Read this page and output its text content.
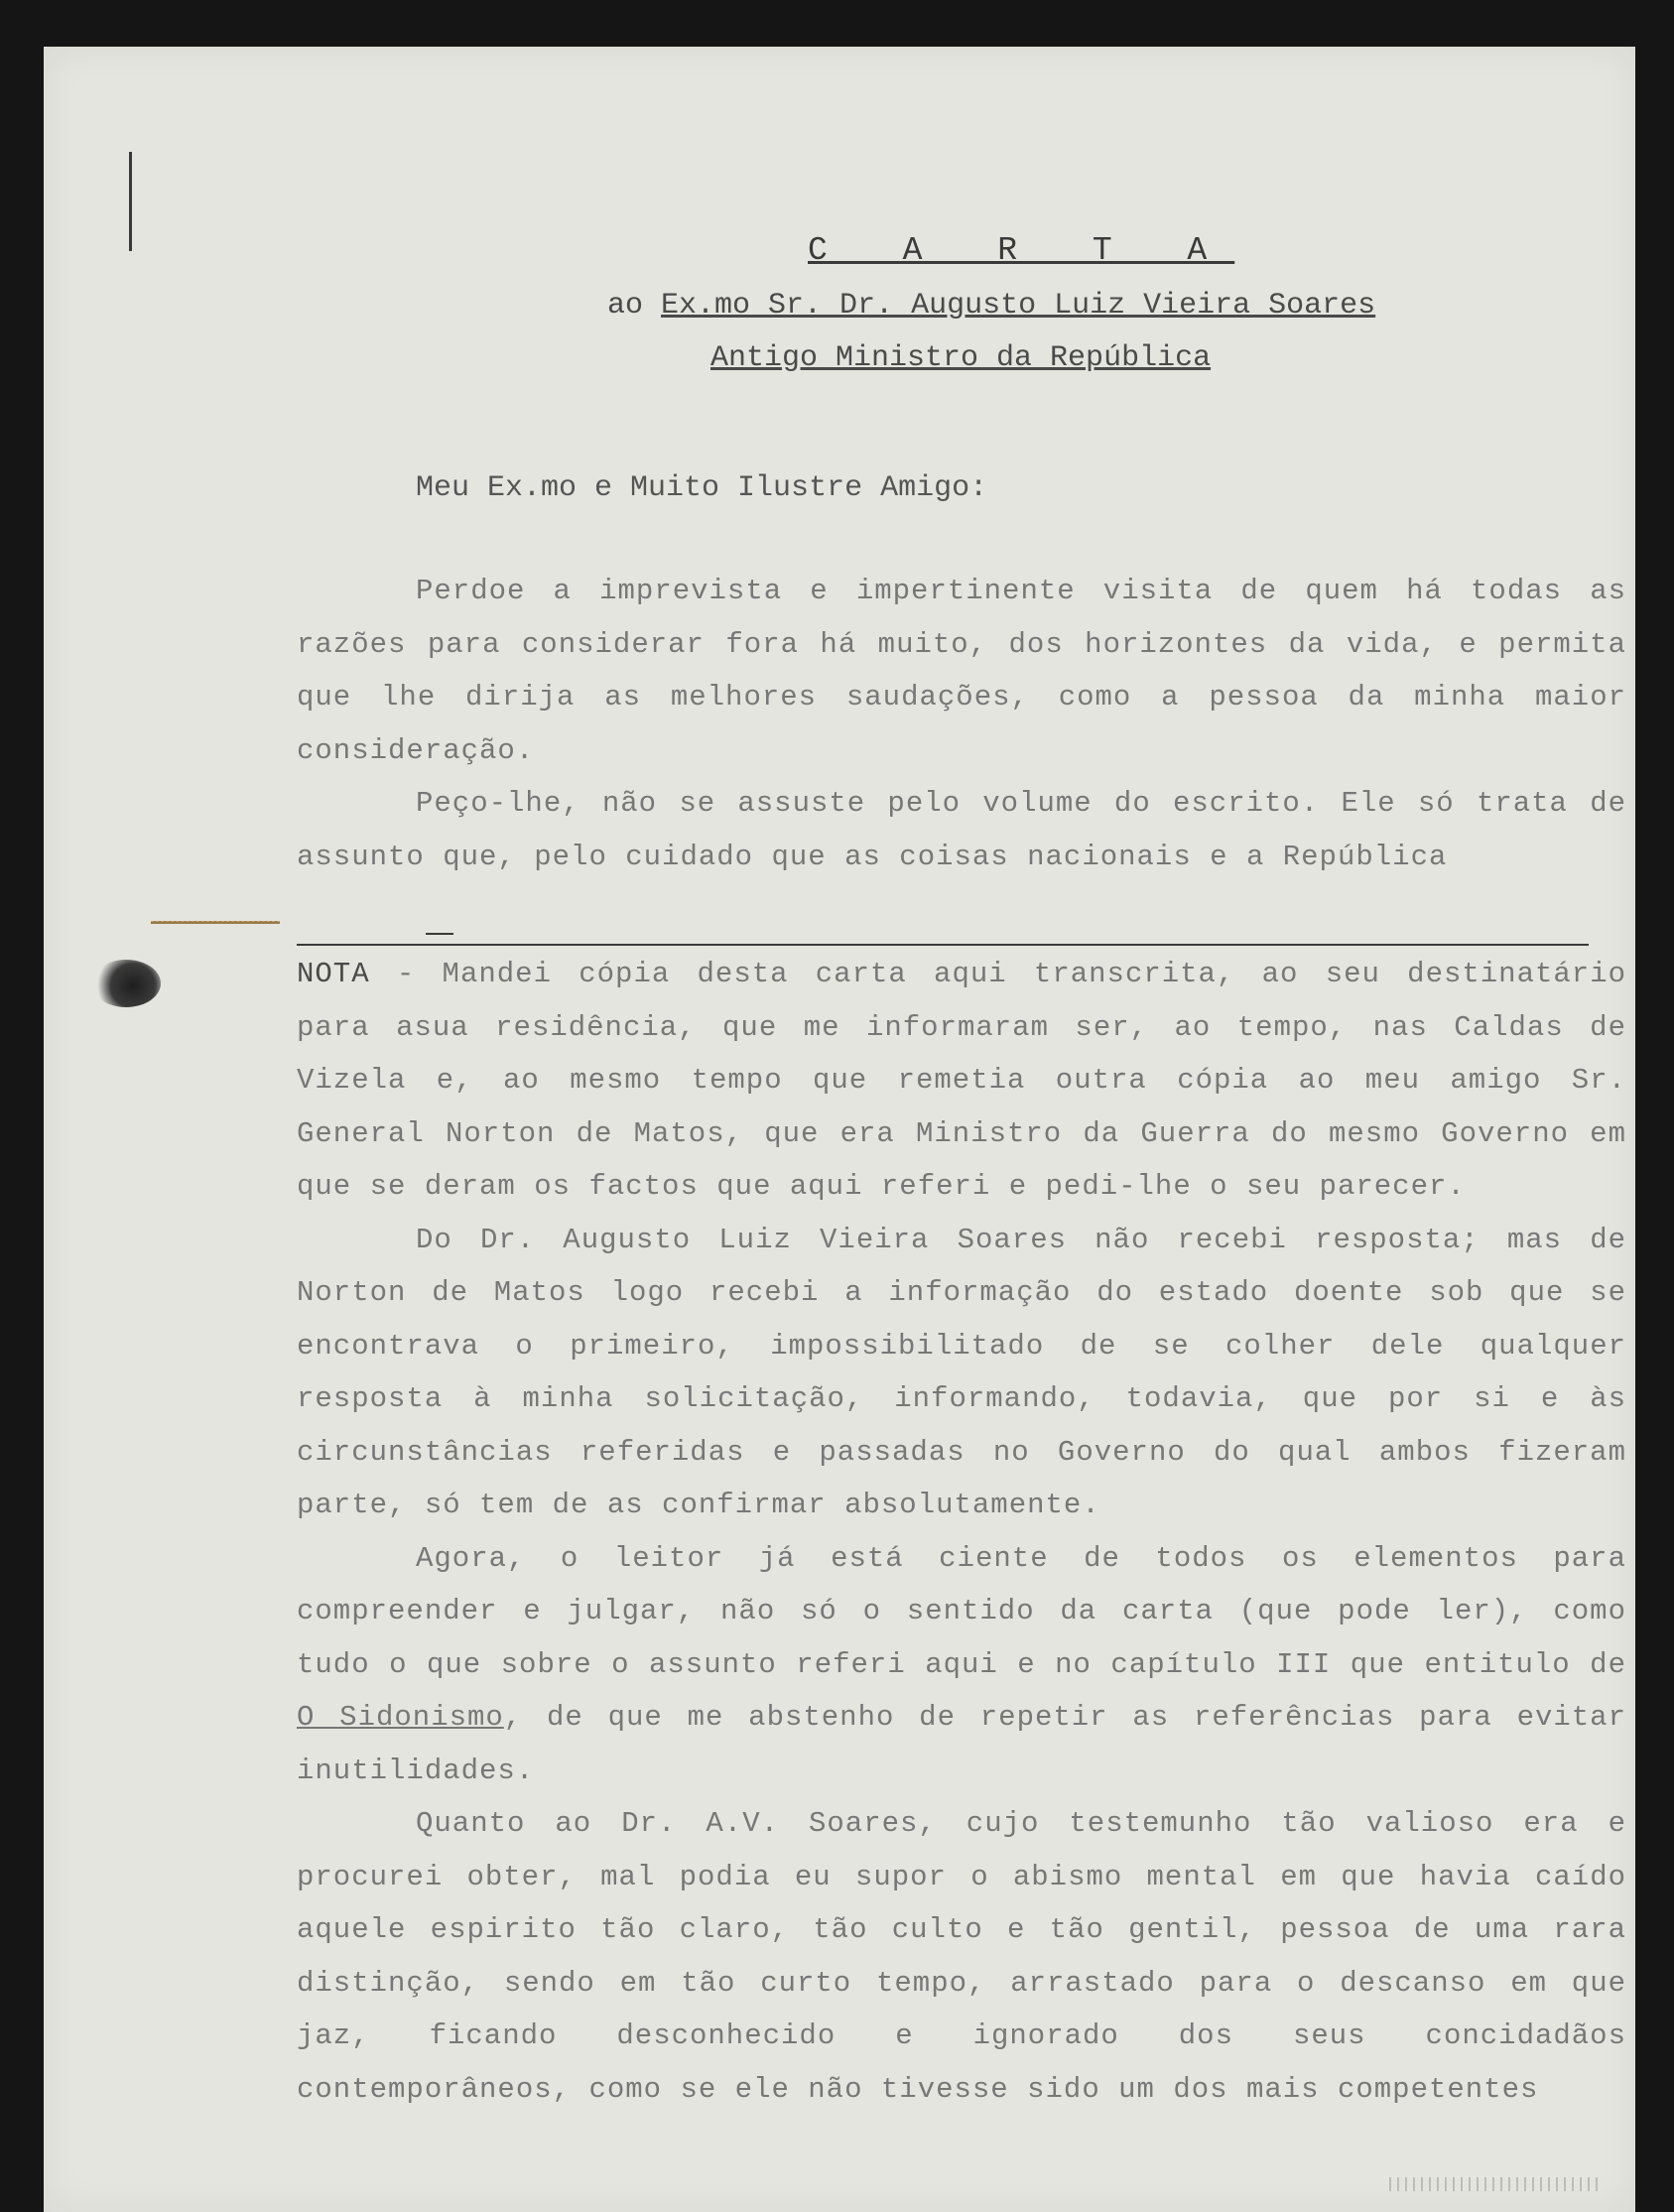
C A R T A
ao Ex.mo Sr. Dr. Augusto Luiz Vieira Soares
Antigo Ministro da República
Meu Ex.mo e Muito Ilustre Amigo:

Perdoe a imprevista e impertinente visita de quem há todas as razões para considerar fora há muito, dos horizontes da vida, e permita que lhe dirija as melhores saudações, como a pessoa da minha maior consideração.

Peço-lhe, não se assuste pelo volume do escrito. Ele só trata de assunto que, pelo cuidado que as coisas nacionais e a República

NOTA - Mandei cópia desta carta aqui transcrita, ao seu destinatário para asua residência, que me informaram ser, ao tempo, nas Caldas de Vizela e, ao mesmo tempo que remetia outra cópia ao meu amigo Sr. General Norton de Matos, que era Ministro da Guerra do mesmo Governo em que se deram os factos que aqui referi e pedi-lhe o seu parecer.

Do Dr. Augusto Luiz Vieira Soares não recebi resposta; mas de Norton de Matos logo recebi a informação do estado doente sob que se encontrava o primeiro, impossibilitado de se colher dele qualquer resposta à minha solicitação, informando, todavia, que por si e às circunstâncias referidas e passadas no Governo do qual ambos fizeram parte, só tem de as confirmar absolutamente.

Agora, o leitor já está ciente de todos os elementos para compreender e julgar, não só o sentido da carta (que pode ler), como tudo o que sobre o assunto referi aqui e no capítulo III que entitulo de O Sidonismo, de que me abstenho de repetir as referências para evitar inutilidades.

Quanto ao Dr. A.V. Soares, cujo testemunho tão valioso era e procurei obter, mal podia eu supor o abismo mental em que havia caído aquele espirito tão claro, tão culto e tão gentil, pessoa de uma rara distinção, sendo em tão curto tempo, arrastado para o descanso em que jaz, ficando desconhecido e ignorado dos seus concidadãos contemporâneos, como se ele não tivesse sido um dos mais competentes
